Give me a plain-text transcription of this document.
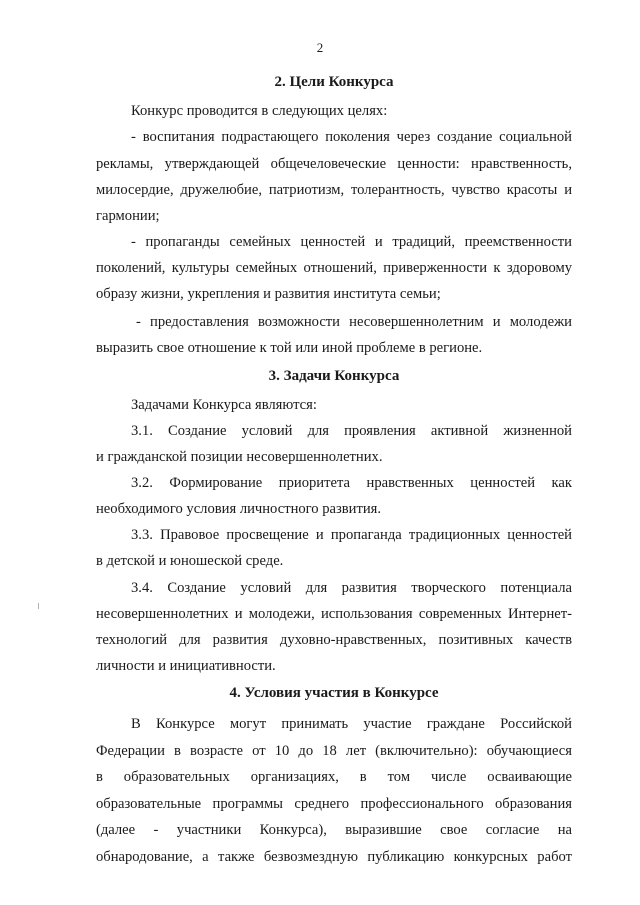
2
2. Цели Конкурса
Конкурс проводится в следующих целях:
- воспитания подрастающего поколения через создание социальной
рекламы, утверждающей общечеловеческие ценности: нравственность,
милосердие, дружелюбие, патриотизм, толерантность, чувство красоты и
гармонии;
- пропаганды семейных ценностей и традиций, преемственности
поколений, культуры семейных отношений, приверженности к здоровому
образу жизни, укрепления и развития института семьи;
- предоставления возможности несовершеннолетним и молодежи
выразить свое отношение к той или иной проблеме в регионе.
3. Задачи Конкурса
Задачами Конкурса являются:
3.1. Создание условий для проявления активной жизненной
и гражданской позиции несовершеннолетних.
3.2. Формирование приоритета нравственных ценностей как
необходимого условия личностного развития.
3.3. Правовое просвещение и пропаганда традиционных ценностей
в детской и юношеской среде.
3.4. Создание условий для развития творческого потенциала
несовершеннолетних и молодежи, использования современных Интернет-
технологий для развития духовно-нравственных, позитивных качеств
личности и инициативности.
4. Условия участия в Конкурсе
В Конкурсе могут принимать участие граждане Российской
Федерации в возрасте от 10 до 18 лет (включительно): обучающиеся
в образовательных организациях, в том числе осваивающие
образовательные программы среднего профессионального образования
(далее - участники Конкурса), выразившие свое согласие на
обнародование, а также безвозмездную публикацию конкурсных работ
